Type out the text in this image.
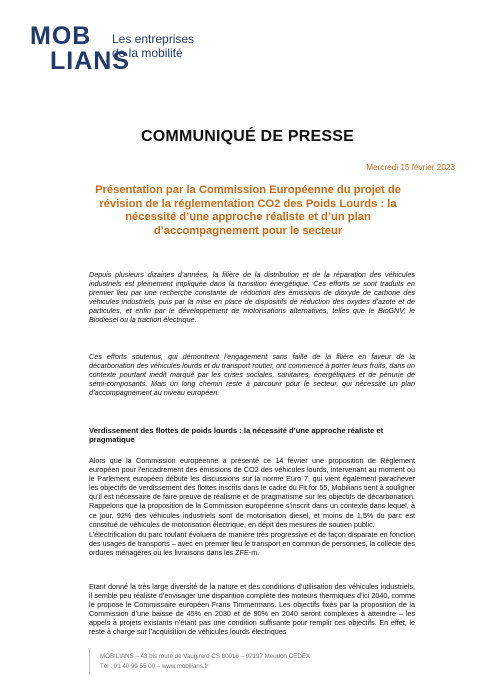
MOB
LIANS
Les entreprises
de la mobilité
COMMUNIQUÉ DE PRESSE
Mercredi 15 février 2023
Présentation par la Commission Européenne du projet de révision de la réglementation CO2 des Poids Lourds : la nécessité d’une approche réaliste et d’un plan d’accompagnement pour le secteur
Depuis plusieurs dizaines d’années, la filière de la distribution et de la réparation des véhicules industriels est pleinement impliquée dans la transition énergétique. Ces efforts se sont traduits en premier lieu par une recherche constante de réduction des émissions de dioxyde de carbone des véhicules industriels, puis par la mise en place de dispositifs de réduction des oxydes d’azote et de particules, et enfin par le développement de motorisations alternatives, telles que le BioGNV, le Biodiesel ou la traction électrique.
Ces efforts soutenus, qui démontrent l’engagement sans faille de la filière en faveur de la décarbonation des véhicules lourds et du transport routier, ont commencé à porter leurs fruits, dans un contexte pourtant inédit marqué par les crises sociales, sanitaires, énergétiques et de pénurie de semi-composants. Mais un long chemin reste à parcourir pour le secteur, qui nécessite un plan d’accompagnement au niveau européen.
Verdissement des flottes de poids lourds : la nécessité d’une approche réaliste et pragmatique
Alors que la Commission européenne a présenté ce 14 février une proposition de Règlement européen pour l’encadrement des émissions de CO2 des véhicules lourds, intervenant au moment où le Parlement européen débute les discussions sur la norme Euro 7, qui vient également parachever les objectifs de verdissement des flottes inscrits dans le cadre du Fit for 55, Mobilians tient à souligner qu’il est nécessaire de faire preuve de réalisme et de pragmatisme sur les objectifs de décarbonation. Rappelons que la proposition de la Commission européenne s’inscrit dans un contexte dans lequel, à ce jour, 92% des véhicules industriels sont de motorisation diesel, et moins de 1,5% du parc est constitué de véhicules de motorisation électrique, en dépit des mesures de soutien public.
L’électrification du parc roulant évoluera de manière très progressive et de façon disparate en fonction des usages de transports – avec en premier lieu le transport en commun de personnes, la collecte des ordures ménagères ou les livraisons dans les ZFE-m.
Etant donné la très large diversité de la nature et des conditions d’utilisation des véhicules industriels, il semble peu réaliste d’envisager une disparition complète des moteurs thermiques d’ici 2040, comme le propose le Commissaire européen Frans Timmermans. Les objectifs fixés par la proposition de la Commission d’une baisse de 45% en 2030 et de 90% en 2040 seront complexes à atteindre – les appels à projets existants n’étant pas une condition suffisante pour remplir ces objectifs. En effet, le reste à charge sur l’acquisition de véhicules lourds électriques
MOBILIANS – 43 bis route de Vaugirard CS 80016 – 92197 Meudon CEDEX
Tél : 01 40 99 55 00 – www.mobilians.fr
